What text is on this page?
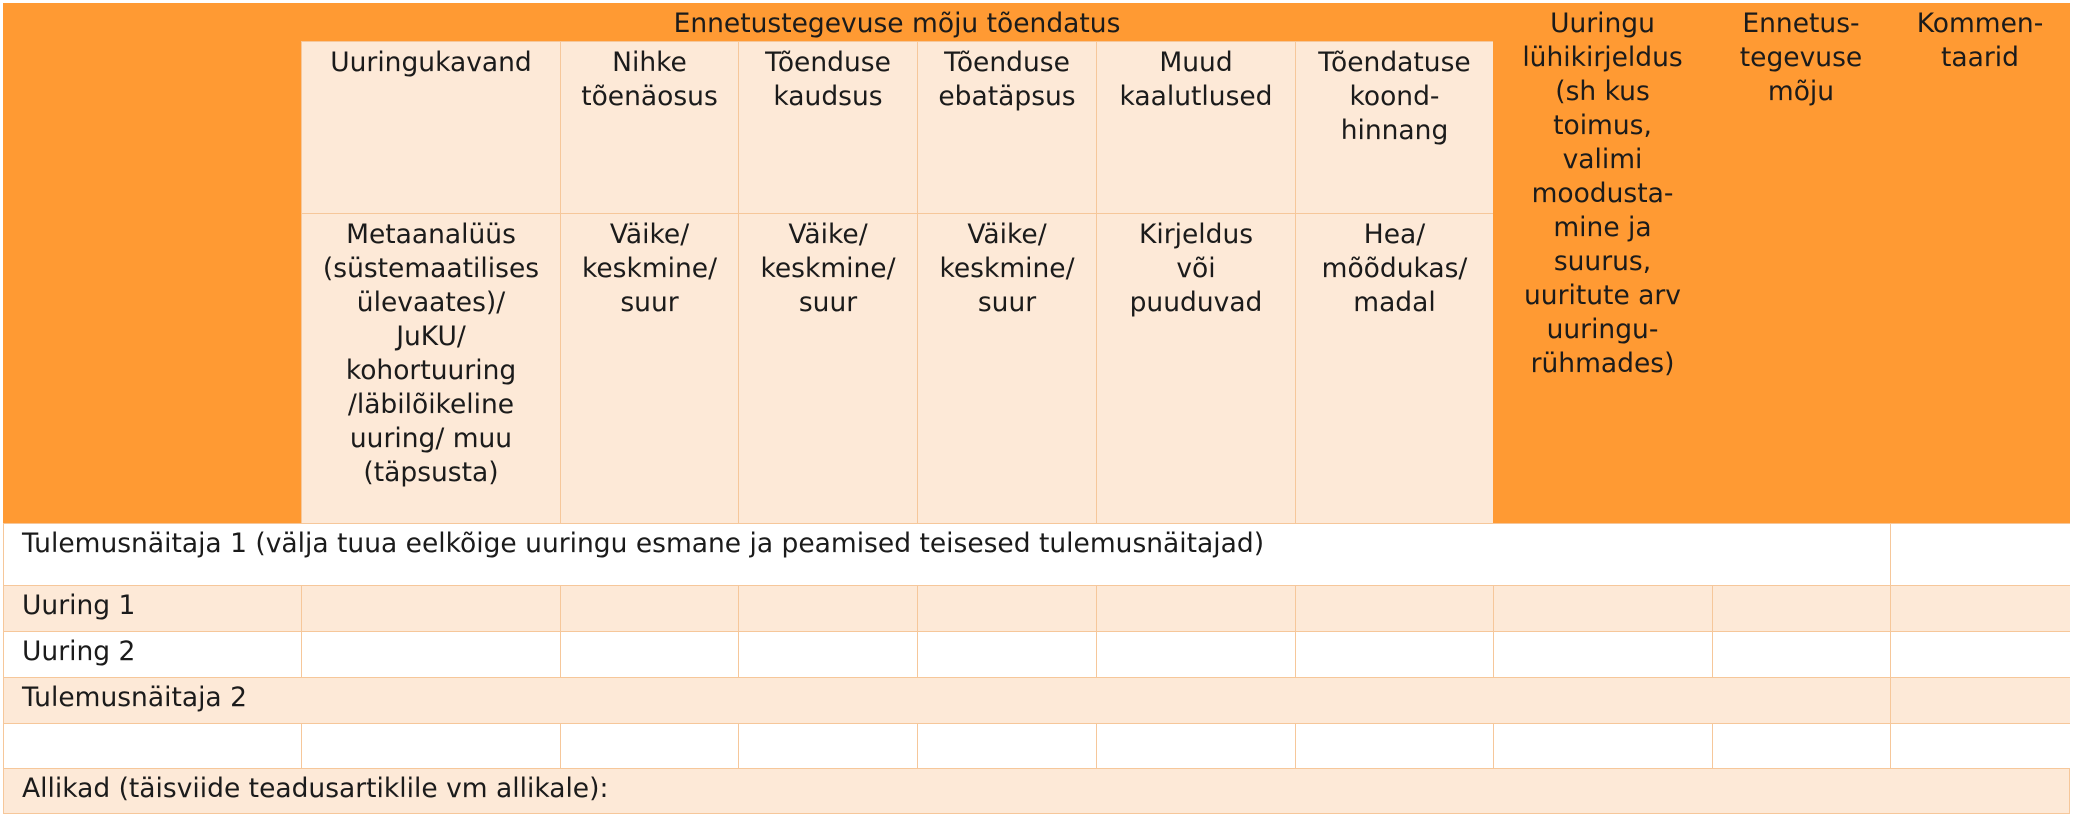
Ennetustegevuse mõju tõendatus	Uuringu
lühikirjeldus
(sh kus
toimus,
valimi
moodusta-
mine ja
suurus,
uuritute arv
uuringu-
rühmades)
Ennetus-
tegevuse
mõju
Kommen-
taarid
Uuringukavand	Nihke
tõenäosus
Tõenduse
kaudsus
Tõenduse
ebatäpsus
Muud
kaalutlused
Tõendatuse
koond-
hinnang
Metaanalüüs
(süstemaatilises
ülevaates)/
JuKU/
kohortuuring
/läbilõikeline
uuring/ muu
(täpsusta)
Väike/
keskmine/
suur
Väike/
keskmine/
suur
Väike/
keskmine/
suur
Kirjeldus
või
puuduvad
Hea/
mõõdukas/
madal
Tulemusnäitaja 1 (välja tuua eelkõige uuringu esmane ja peamised teisesed tulemusnäitajad)
Uuring 1
Uuring 2
Tulemusnäitaja 2
Allikad (täisviide teadusartiklile vm allikale):
